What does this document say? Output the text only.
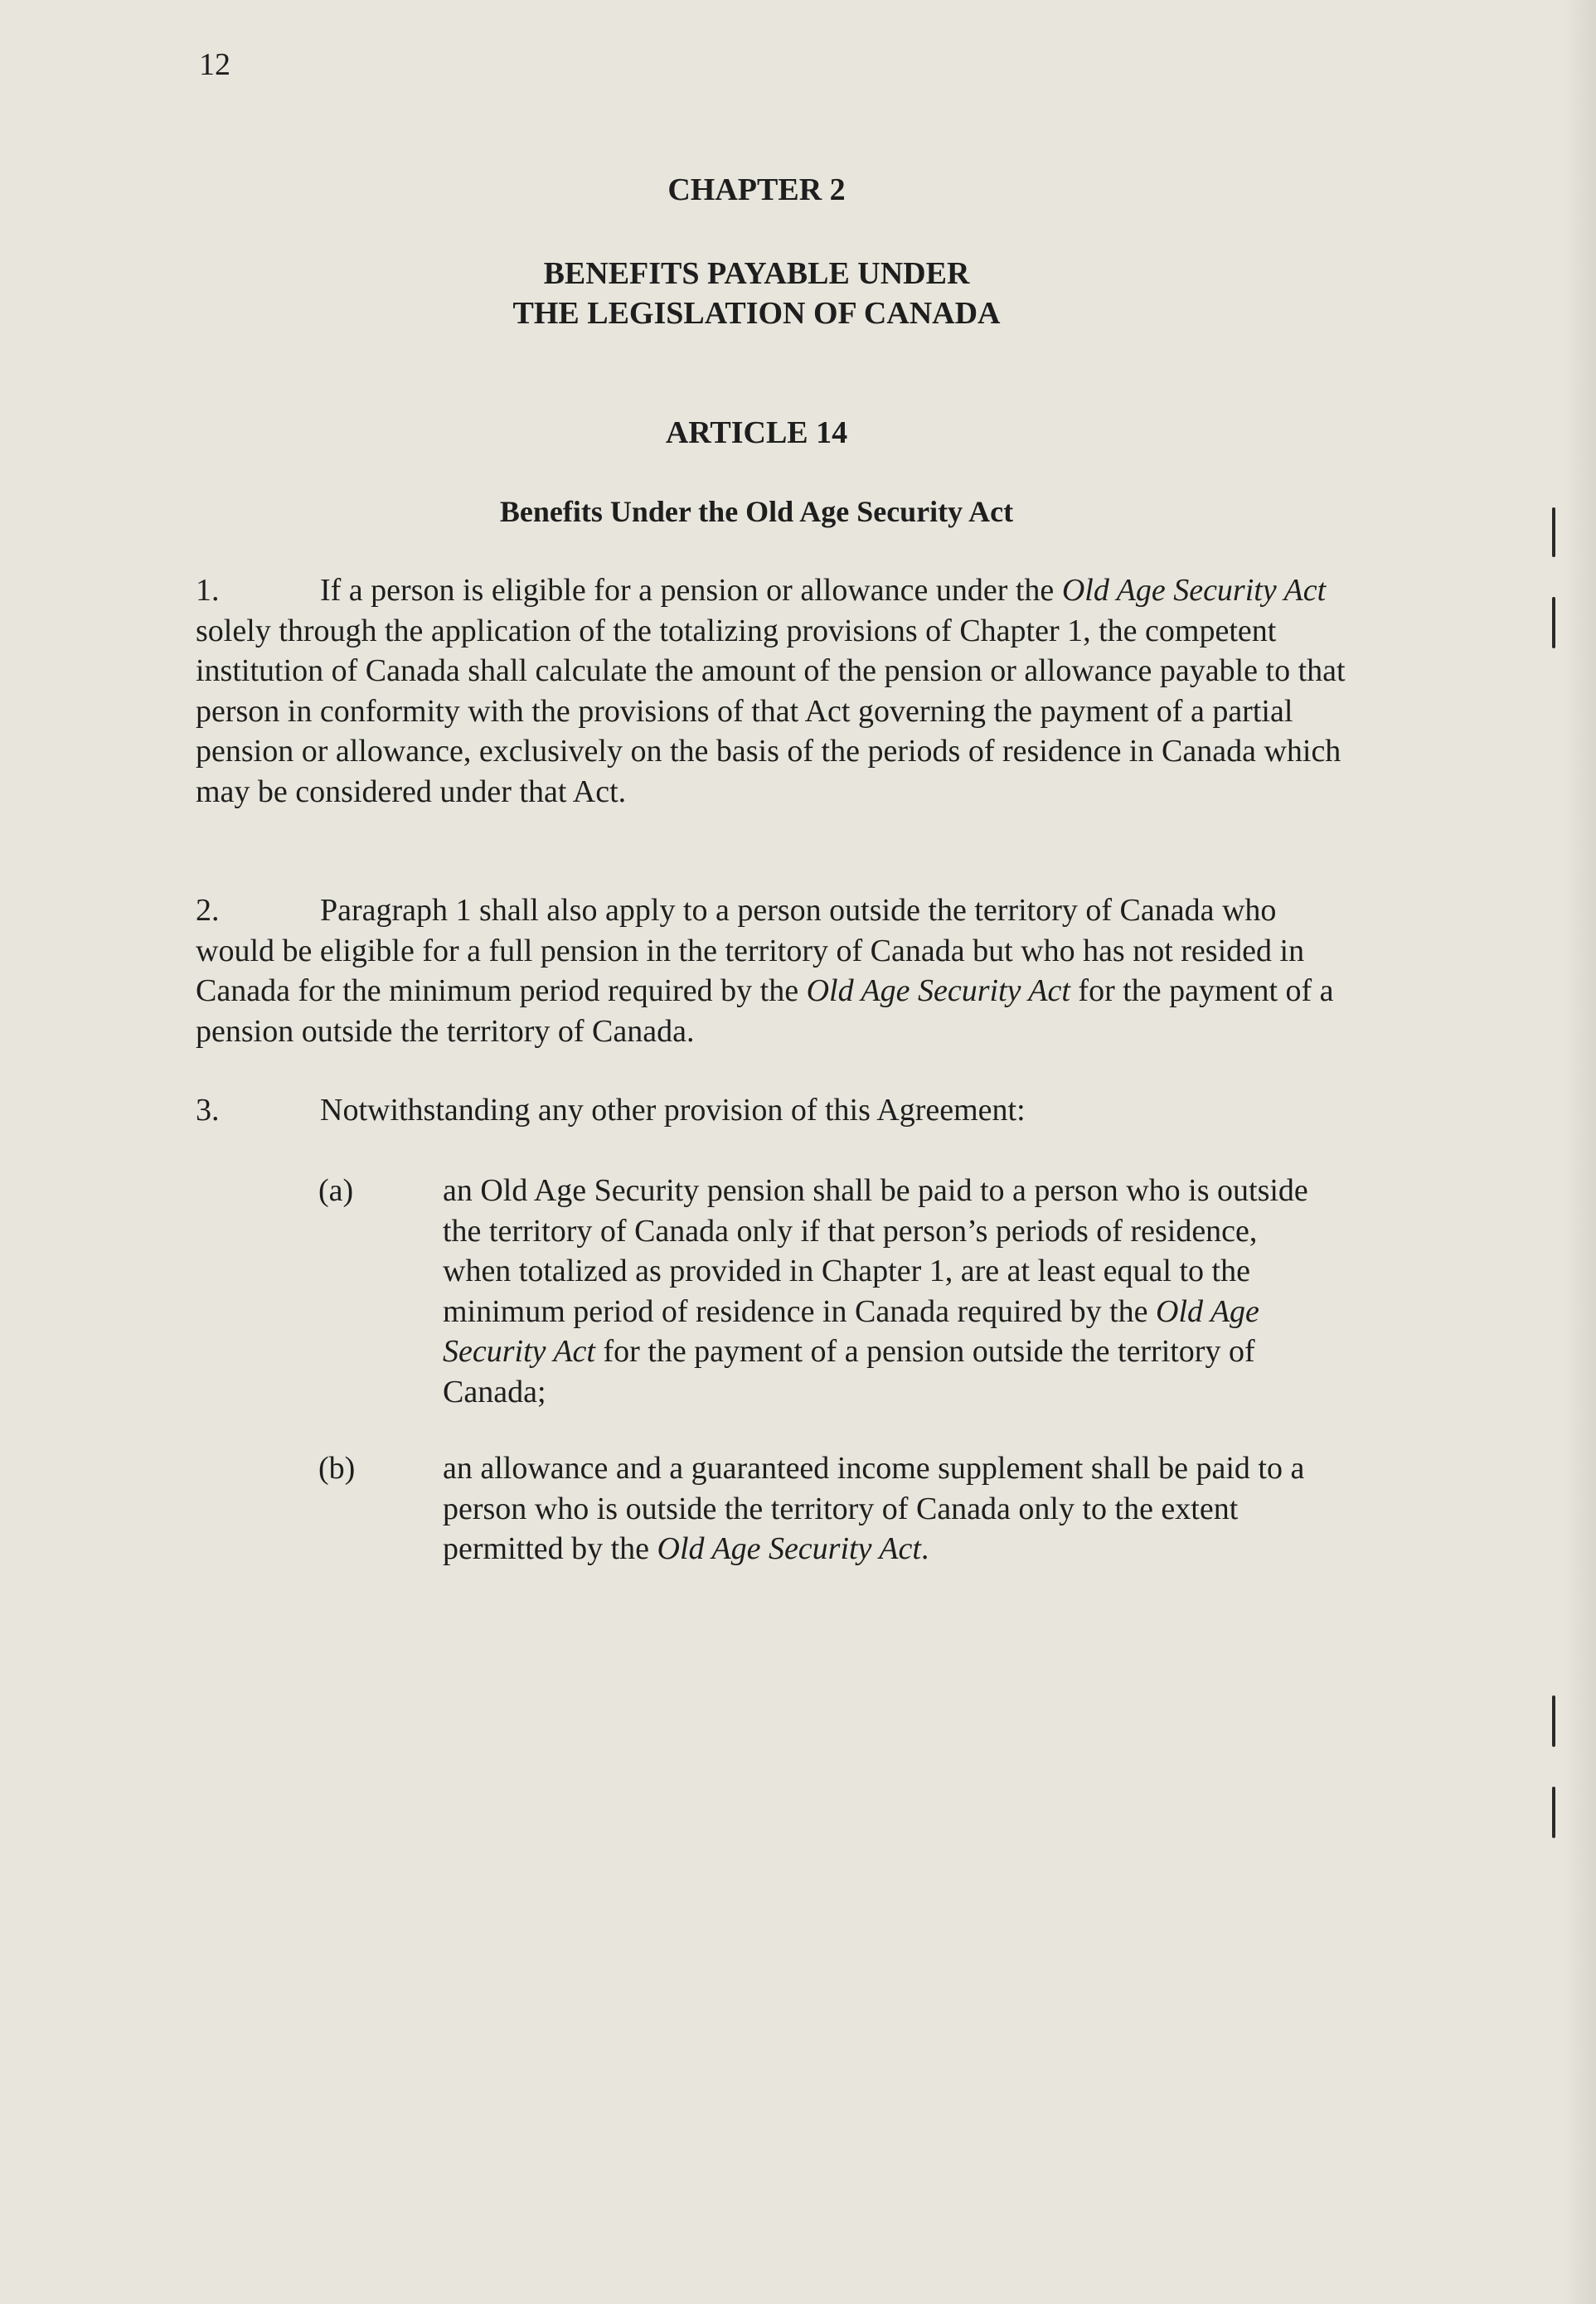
12
CHAPTER 2
BENEFITS PAYABLE UNDER
THE LEGISLATION OF CANADA
ARTICLE 14
Benefits Under the Old Age Security Act
1.	If a person is eligible for a pension or allowance under the Old Age Security Act solely through the application of the totalizing provisions of Chapter 1, the competent institution of Canada shall calculate the amount of the pension or allowance payable to that person in conformity with the provisions of that Act governing the payment of a partial pension or allowance, exclusively on the basis of the periods of residence in Canada which may be considered under that Act.
2.	Paragraph 1 shall also apply to a person outside the territory of Canada who would be eligible for a full pension in the territory of Canada but who has not resided in Canada for the minimum period required by the Old Age Security Act for the payment of a pension outside the territory of Canada.
3.	Notwithstanding any other provision of this Agreement:
(a)	an Old Age Security pension shall be paid to a person who is outside the territory of Canada only if that person’s periods of residence, when totalized as provided in Chapter 1, are at least equal to the minimum period of residence in Canada required by the Old Age Security Act for the payment of a pension outside the territory of Canada;
(b)	an allowance and a guaranteed income supplement shall be paid to a person who is outside the territory of Canada only to the extent permitted by the Old Age Security Act.
